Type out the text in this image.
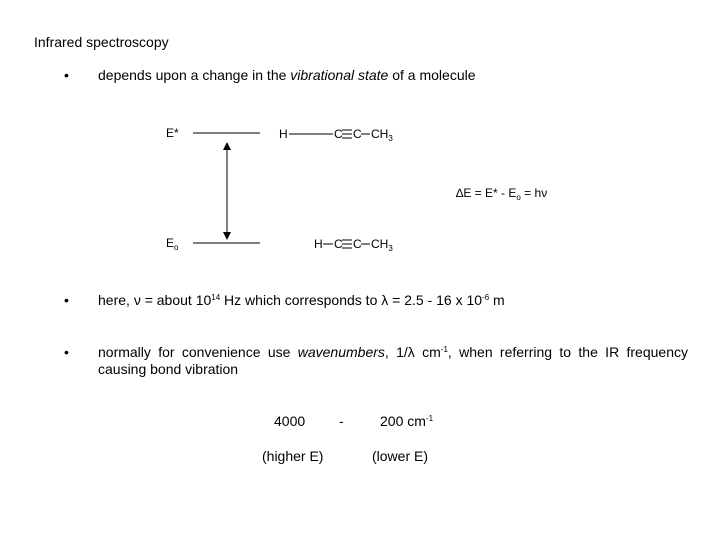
Infrared spectroscopy
• depends upon a change in the vibrational state of a molecule
E*
$E_o$
H	C C $CH_3$
H C C $CH_3$
$\Delta E = E* - E_o = h\nu$
• here, ν = about $10^{14}$ Hz which corresponds to λ = 2.5 - 16 x $10^{-6}$ m
• normally for convenience use wavenumbers, 1/λ $cm^{-1}$, when referring to the IR frequency
causing bond vibration
4000 -	200 $cm^{-1}$
(higher E)	(lower E)
